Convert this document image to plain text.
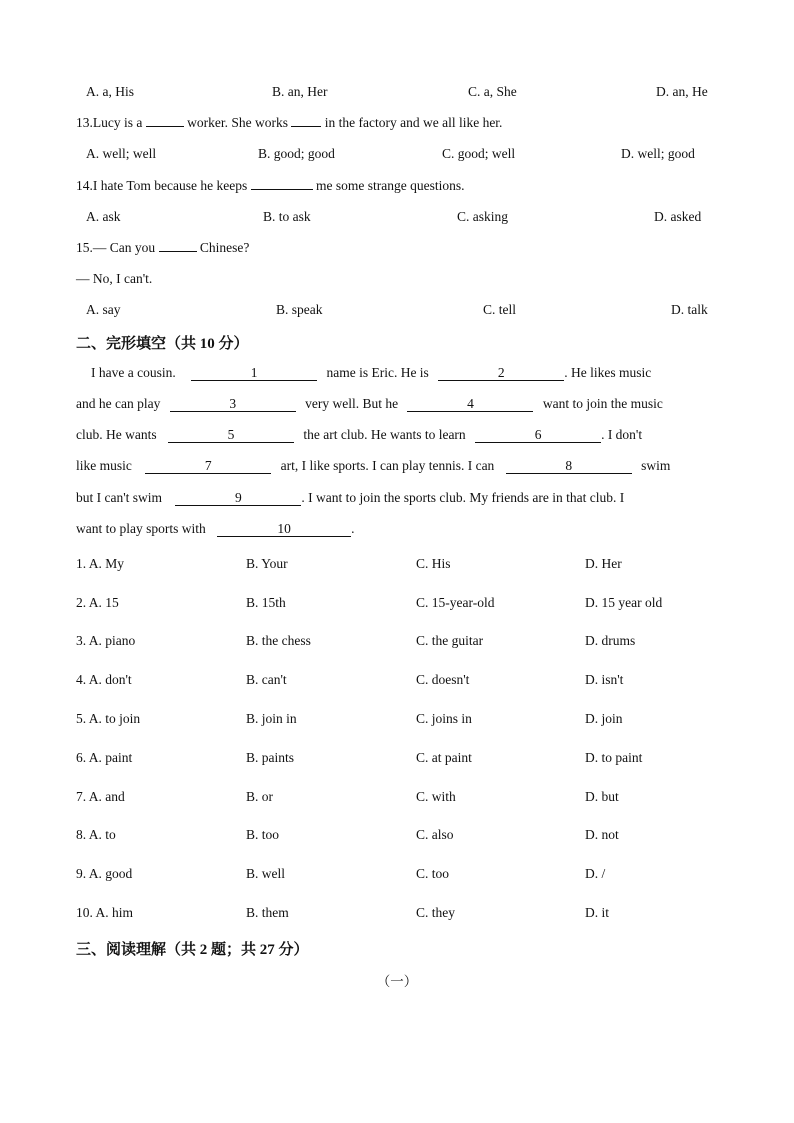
A. a, His	B. an, Her	C. a, She	D. an, He
13.Lucy is a	worker. She works	in the factory and we all like her.
A. well; well	B. good; good	C. good; well	D. well; good
14.I hate Tom because he keeps	me some strange questions.
A. ask	B. to ask	C. asking	D. asked
15.— Can you	Chinese?
— No, I can't.
A. say	B. speak	C. tell	D. talk
二、完形填空（共 10 分）
I have a cousin.	1	name is Eric. He is	2	. He likes music
and he can play	3	very well. But he	4	want to join the music
club. He wants	5	the art club. He wants to learn	6	. I don't
like music	7	art, I like sports. I can play tennis. I can	8	swim
but I can't swim	9	. I want to join the sports club. My friends are in that club. I
want to play sports with	10	.
1. A. My	B. Your	C. His	D. Her
2. A. 15	B. 15th	C. 15-year-old	D. 15 year old
3. A. piano	B. the chess	C. the guitar	D. drums
4. A. don't	B. can't	C. doesn't	D. isn't
5. A. to join	B. join in	C. joins in	D. join
6. A. paint	B. paints	C. at paint	D. to paint
7. A. and	B. or	C. with	D. but
8. A. to	B. too	C. also	D. not
9. A. good	B. well	C. too	D. /
10. A. him	B. them	C. they	D. it
三、阅读理解（共 2 题；共 27 分）
（一）
